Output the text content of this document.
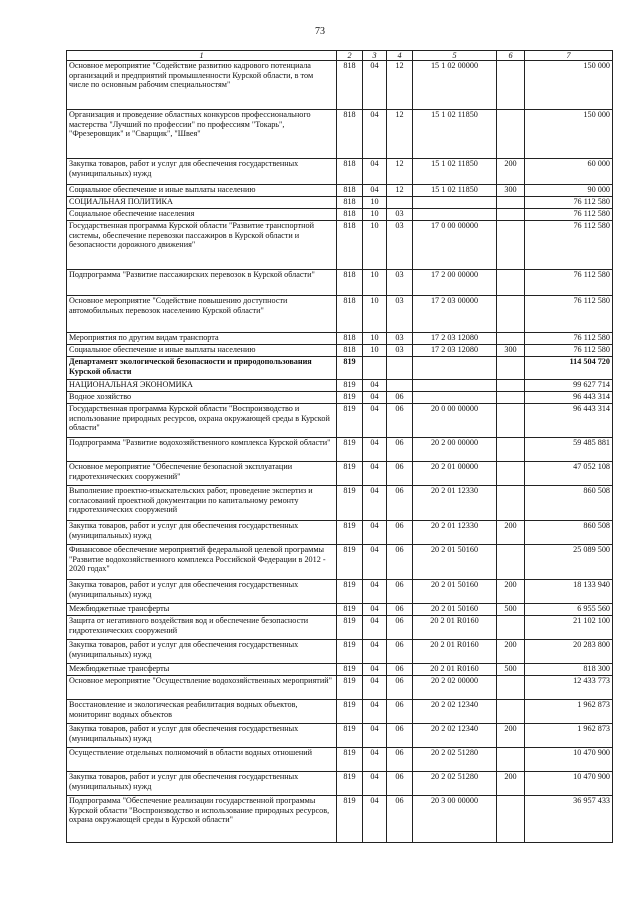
73
1	2	3	4	5	6	7
Основное мероприятие "Содействие развитию кадрового потенциала организаций и предприятий промышленности Курской области, в том числе по основным рабочим специальностям"	818	04	12	15 1 02 00000		150 000
Организация и проведение областных конкурсов профессионального мастерства "Лучший по профессии" по профессиям "Токарь", "Фрезеровщик" и "Сварщик", "Швея"	818	04	12	15 1 02 11850		150 000
Закупка товаров, работ и услуг для обеспечения государственных (муниципальных) нужд	818	04	12	15 1 02 11850	200	60 000
Социальное обеспечение и иные выплаты населению	818	04	12	15 1 02 11850	300	90 000
СОЦИАЛЬНАЯ ПОЛИТИКА	818	10				76 112 580
Социальное обеспечение населения	818	10	03			76 112 580
Государственная программа Курской области "Развитие транспортной системы, обеспечение перевозки пассажиров в Курской области и безопасности дорожного движения"	818	10	03	17 0 00 00000		76 112 580
Подпрограмма "Развитие пассажирских перевозок в Курской области"	818	10	03	17 2 00 00000		76 112 580
Основное мероприятие "Содействие повышению доступности автомобильных перевозок населению Курской области"	818	10	03	17 2 03 00000		76 112 580
Мероприятия по другим видам транспорта	818	10	03	17 2 03 12080		76 112 580
Социальное обеспечение и иные выплаты населению	818	10	03	17 2 03 12080	300	76 112 580
Департамент экологической безопасности и природопользования Курской области	819					114 504 720
НАЦИОНАЛЬНАЯ ЭКОНОМИКА	819	04				99 627 714
Водное хозяйство	819	04	06			96 443 314
Государственная программа Курской области "Воспроизводство и использование природных ресурсов, охрана окружающей среды в Курской области"	819	04	06	20 0 00 00000		96 443 314
Подпрограмма "Развитие водохозяйственного комплекса Курской области"	819	04	06	20 2 00 00000		59 485 881
Основное мероприятие "Обеспечение безопасной эксплуатации гидротехнических сооружений"	819	04	06	20 2 01 00000		47 052 108
Выполнение проектно-изыскательских работ, проведение экспертиз и согласований проектной документации по капитальному ремонту гидротехнических сооружений	819	04	06	20 2 01 12330		860 508
Закупка товаров, работ и услуг для обеспечения государственных (муниципальных) нужд	819	04	06	20 2 01 12330	200	860 508
Финансовое обеспечение мероприятий федеральной целевой программы "Развитие водохозяйственного комплекса Российской Федерации в 2012 - 2020 годах"	819	04	06	20 2 01 50160		25 089 500
Закупка товаров, работ и услуг для обеспечения государственных (муниципальных) нужд	819	04	06	20 2 01 50160	200	18 133 940
Межбюджетные трансферты	819	04	06	20 2 01 50160	500	6 955 560
Защита от негативного воздействия вод и обеспечение безопасности гидротехнических сооружений	819	04	06	20 2 01 R0160		21 102 100
Закупка товаров, работ и услуг для обеспечения государственных (муниципальных) нужд	819	04	06	20 2 01 R0160	200	20 283 800
Межбюджетные трансферты	819	04	06	20 2 01 R0160	500	818 300
Основное мероприятие "Осуществление водохозяйственных мероприятий"	819	04	06	20 2 02 00000		12 433 773
Восстановление и экологическая реабилитация водных объектов, мониторинг водных объектов	819	04	06	20 2 02 12340		1 962 873
Закупка товаров, работ и услуг для обеспечения государственных (муниципальных) нужд	819	04	06	20 2 02 12340	200	1 962 873
Осуществление отдельных полномочий в области водных отношений	819	04	06	20 2 02 51280		10 470 900
Закупка товаров, работ и услуг для обеспечения государственных (муниципальных) нужд	819	04	06	20 2 02 51280	200	10 470 900
Подпрограмма "Обеспечение реализации государственной программы Курской области "Воспроизводство и использование природных ресурсов, охрана окружающей среды в Курской области"	819	04	06	20 3 00 00000		36 957 433
